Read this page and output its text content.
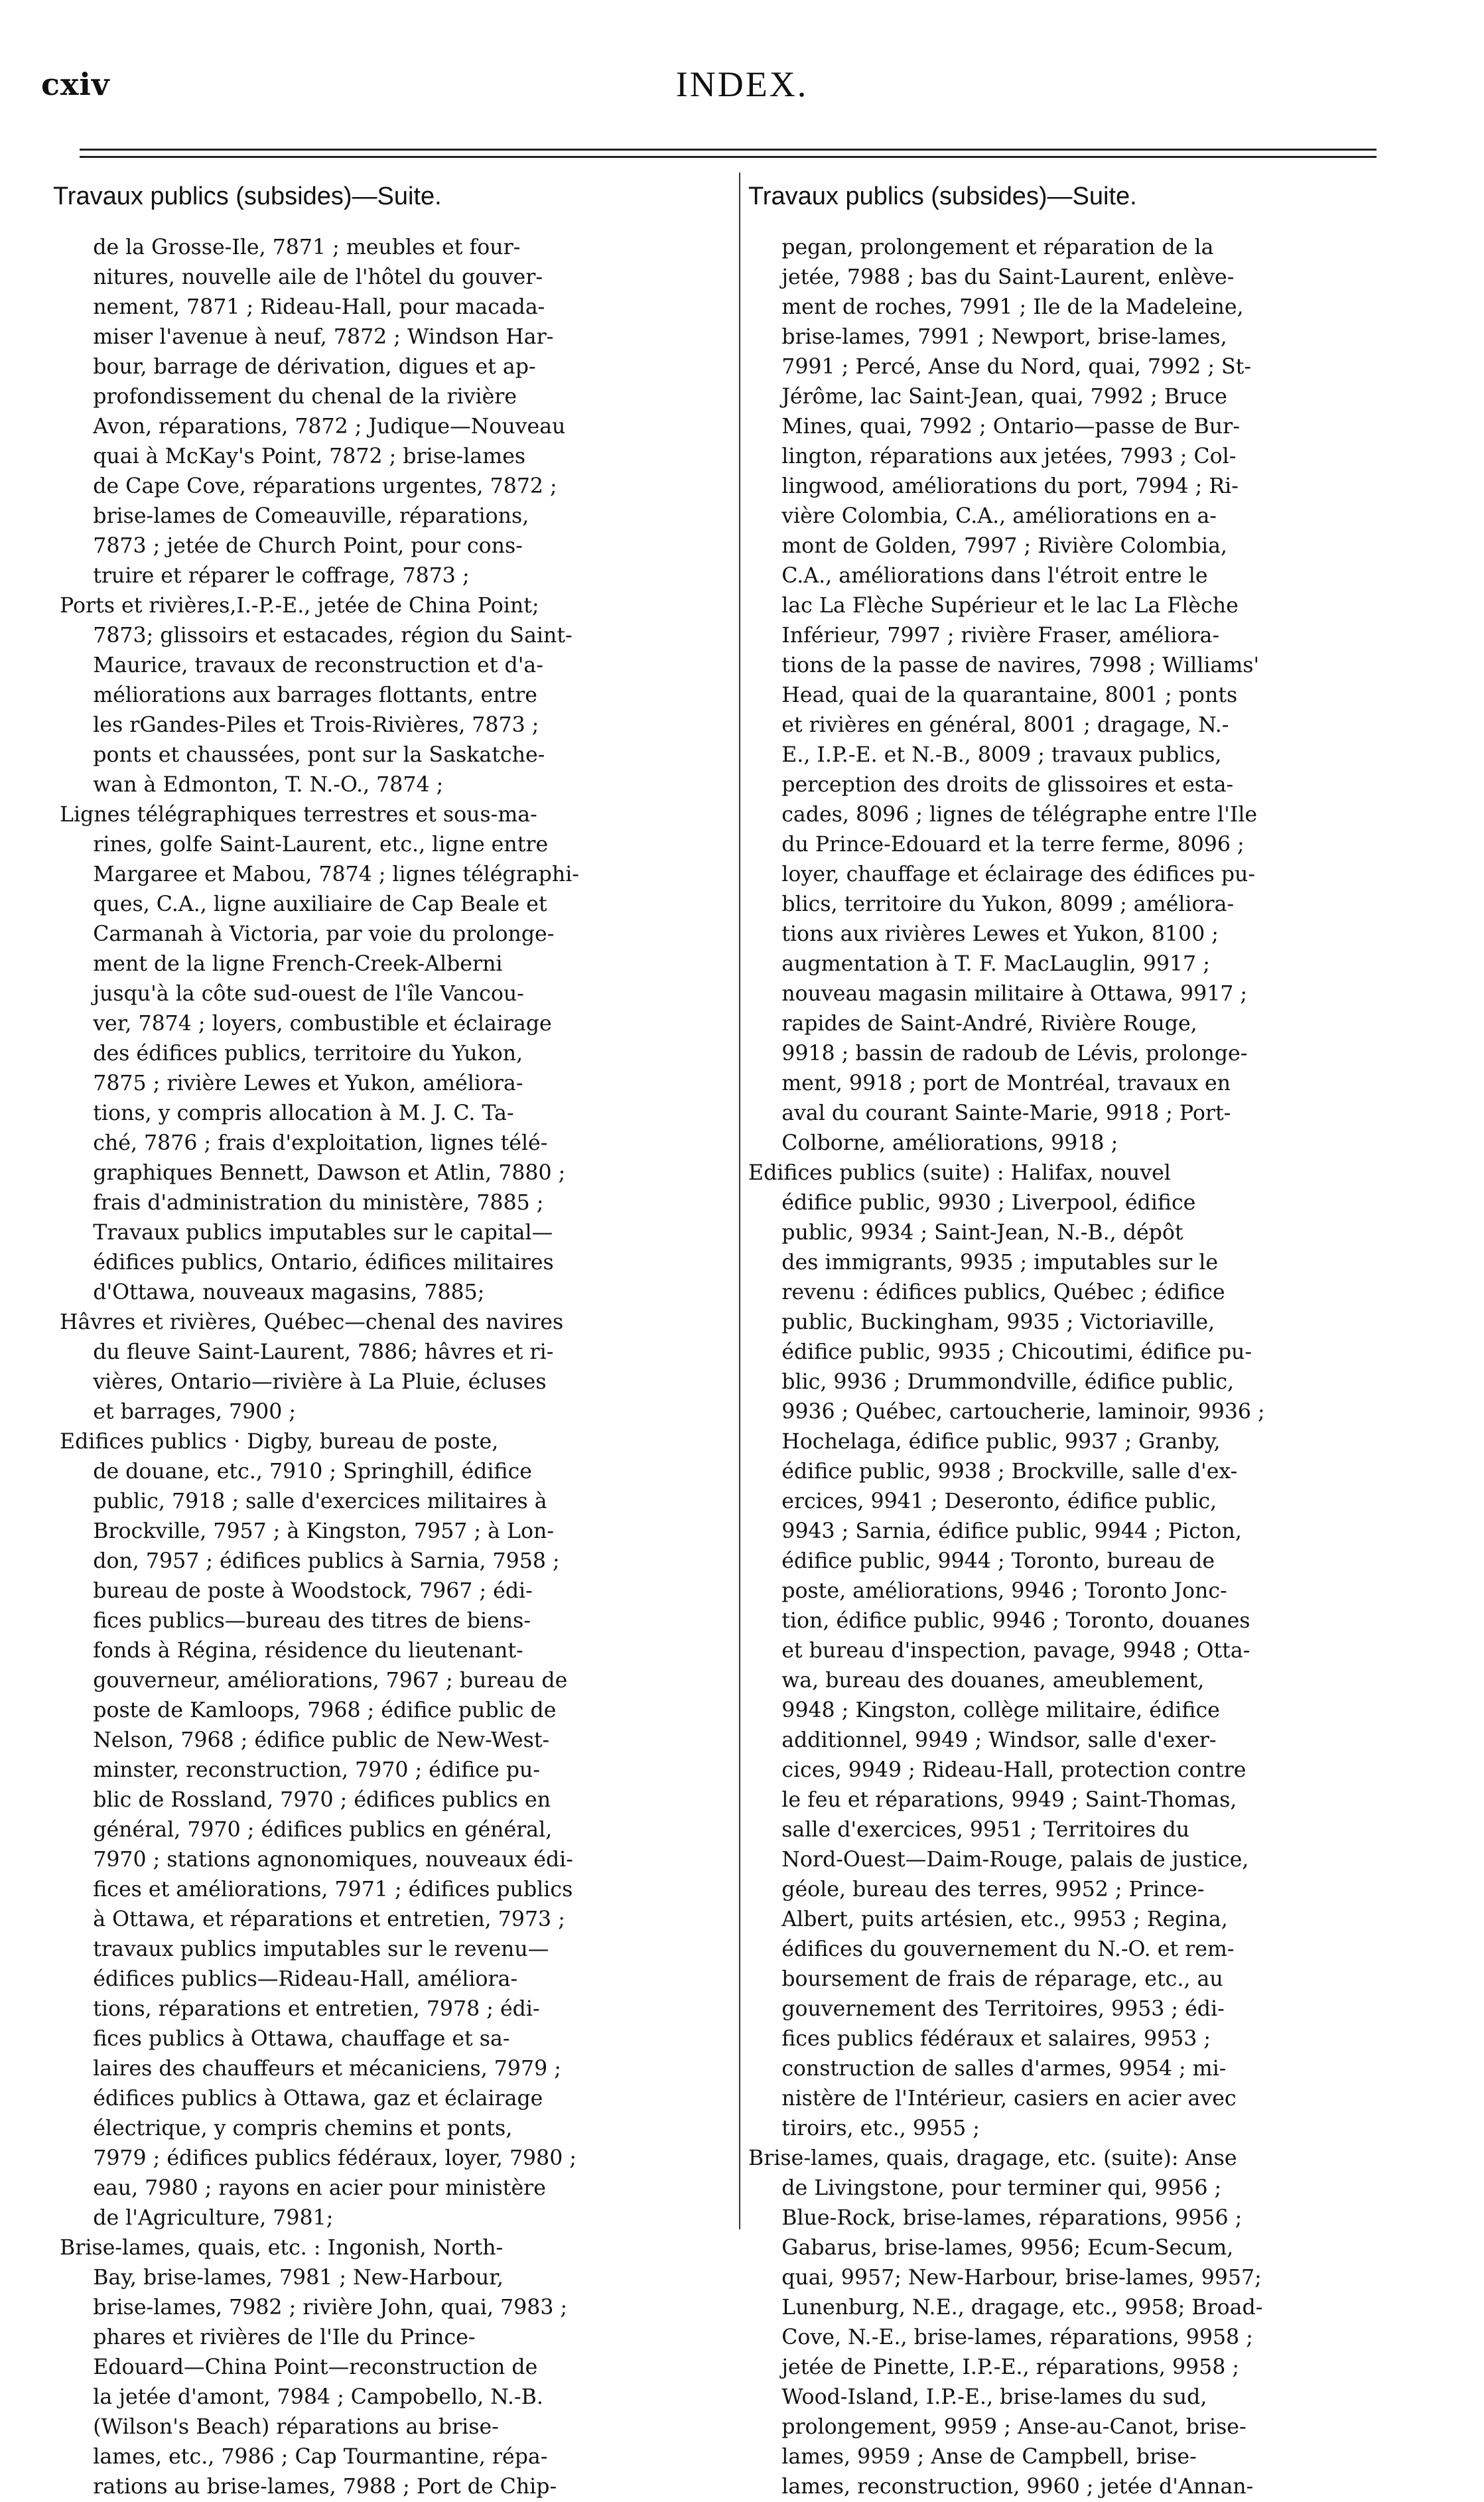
cxiv	INDEX.
Travaux publics (subsides)—Suite.
de la Grosse-Ile, 7871 ; meubles et four-
nitures, nouvelle aile de l'hôtel du gouver-
nement, 7871 ; Rideau-Hall, pour macada-
miser l'avenue à neuf, 7872 ; Windson Har-
bour, barrage de dérivation, digues et ap-
profondissement du chenal de la rivière
Avon, réparations, 7872 ; Judique—Nouveau
quai à McKay's Point, 7872 ; brise-lames
de Cape Cove, réparations urgentes, 7872 ;
brise-lames de Comeauville, réparations,
7873 ; jetée de Church Point, pour cons-
truire et réparer le coffrage, 7873 ;
Ports et rivières,I.-P.-E., jetée de China Point;
7873; glissoirs et estacades, région du Saint-
Maurice, travaux de reconstruction et d'a-
méliorations aux barrages flottants, entre
les rGandes-Piles et Trois-Rivières, 7873 ;
ponts et chaussées, pont sur la Saskatche-
wan à Edmonton, T. N.-O., 7874 ;
Lignes télégraphiques terrestres et sous-ma-
rines, golfe Saint-Laurent, etc., ligne entre
Margaree et Mabou, 7874 ; lignes télégraphi-
ques, C.A., ligne auxiliaire de Cap Beale et
Carmanah à Victoria, par voie du prolonge-
ment de la ligne French-Creek-Alberni
jusqu'à la côte sud-ouest de l'île Vancou-
ver, 7874 ; loyers, combustible et éclairage
des édifices publics, territoire du Yukon,
7875 ; rivière Lewes et Yukon, améliora-
tions, y compris allocation à M. J. C. Ta-
ché, 7876 ; frais d'exploitation, lignes télé-
graphiques Bennett, Dawson et Atlin, 7880 ;
frais d'administration du ministère, 7885 ;
Travaux publics imputables sur le capital—
édifices publics, Ontario, édifices militaires
d'Ottawa, nouveaux magasins, 7885;
Hâvres et rivières, Québec—chenal des navires
du fleuve Saint-Laurent, 7886; hâvres et ri-
vières, Ontario—rivière à La Pluie, écluses
et barrages, 7900 ;
Edifices publics · Digby, bureau de poste,
de douane, etc., 7910 ; Springhill, édifice
public, 7918 ; salle d'exercices militaires à
Brockville, 7957 ; à Kingston, 7957 ; à Lon-
don, 7957 ; édifices publics à Sarnia, 7958 ;
bureau de poste à Woodstock, 7967 ; édi-
fices publics—bureau des titres de biens-
fonds à Régina, résidence du lieutenant-
gouverneur, améliorations, 7967 ; bureau de
poste de Kamloops, 7968 ; édifice public de
Nelson, 7968 ; édifice public de New-West-
minster, reconstruction, 7970 ; édifice pu-
blic de Rossland, 7970 ; édifices publics en
général, 7970 ; édifices publics en général,
7970 ; stations agnonomiques, nouveaux édi-
fices et améliorations, 7971 ; édifices publics
à Ottawa, et réparations et entretien, 7973 ;
travaux publics imputables sur le revenu—
édifices publics—Rideau-Hall, améliora-
tions, réparations et entretien, 7978 ; édi-
fices publics à Ottawa, chauffage et sa-
laires des chauffeurs et mécaniciens, 7979 ;
édifices publics à Ottawa, gaz et éclairage
électrique, y compris chemins et ponts,
7979 ; édifices publics fédéraux, loyer, 7980 ;
eau, 7980 ; rayons en acier pour ministère
de l'Agriculture, 7981;
Brise-lames, quais, etc. : Ingonish, North-
Bay, brise-lames, 7981 ; New-Harbour,
brise-lames, 7982 ; rivière John, quai, 7983 ;
phares et rivières de l'Ile du Prince-
Edouard—China Point—reconstruction de
la jetée d'amont, 7984 ; Campobello, N.-B.
(Wilson's Beach) réparations au brise-
lames, etc., 7986 ; Cap Tourmantine, répa-
rations au brise-lames, 7988 ; Port de Chip-
Travaux publics (subsides)—Suite.
pegan, prolongement et réparation de la
jetée, 7988 ; bas du Saint-Laurent, enlève-
ment de roches, 7991 ; Ile de la Madeleine,
brise-lames, 7991 ; Newport, brise-lames,
7991 ; Percé, Anse du Nord, quai, 7992 ; St-
Jérôme, lac Saint-Jean, quai, 7992 ; Bruce
Mines, quai, 7992 ; Ontario—passe de Bur-
lington, réparations aux jetées, 7993 ; Col-
lingwood, améliorations du port, 7994 ; Ri-
vière Colombia, C.A., améliorations en a-
mont de Golden, 7997 ; Rivière Colombia,
C.A., améliorations dans l'étroit entre le
lac La Flèche Supérieur et le lac La Flèche
Inférieur, 7997 ; rivière Fraser, améliora-
tions de la passe de navires, 7998 ; Williams'
Head, quai de la quarantaine, 8001 ; ponts
et rivières en général, 8001 ; dragage, N.-
E., I.P.-E. et N.-B., 8009 ; travaux publics,
perception des droits de glissoires et esta-
cades, 8096 ; lignes de télégraphe entre l'Ile
du Prince-Edouard et la terre ferme, 8096 ;
loyer, chauffage et éclairage des édifices pu-
blics, territoire du Yukon, 8099 ; améliora-
tions aux rivières Lewes et Yukon, 8100 ;
augmentation à T. F. MacLauglin, 9917 ;
nouveau magasin militaire à Ottawa, 9917 ;
rapides de Saint-André, Rivière Rouge,
9918 ; bassin de radoub de Lévis, prolonge-
ment, 9918 ; port de Montréal, travaux en
aval du courant Sainte-Marie, 9918 ; Port-
Colborne, améliorations, 9918 ;
Edifices publics (suite) : Halifax, nouvel
édifice public, 9930 ; Liverpool, édifice
public, 9934 ; Saint-Jean, N.-B., dépôt
des immigrants, 9935 ; imputables sur le
revenu : édifices publics, Québec ; édifice
public, Buckingham, 9935 ; Victoriaville,
édifice public, 9935 ; Chicoutimi, édifice pu-
blic, 9936 ; Drummondville, édifice public,
9936 ; Québec, cartoucherie, laminoir, 9936 ;
Hochelaga, édifice public, 9937 ; Granby,
édifice public, 9938 ; Brockville, salle d'ex-
ercices, 9941 ; Deseronto, édifice public,
9943 ; Sarnia, édifice public, 9944 ; Picton,
édifice public, 9944 ; Toronto, bureau de
poste, améliorations, 9946 ; Toronto Jonc-
tion, édifice public, 9946 ; Toronto, douanes
et bureau d'inspection, pavage, 9948 ; Otta-
wa, bureau des douanes, ameublement,
9948 ; Kingston, collège militaire, édifice
additionnel, 9949 ; Windsor, salle d'exer-
cices, 9949 ; Rideau-Hall, protection contre
le feu et réparations, 9949 ; Saint-Thomas,
salle d'exercices, 9951 ; Territoires du
Nord-Ouest—Daim-Rouge, palais de justice,
géole, bureau des terres, 9952 ; Prince-
Albert, puits artésien, etc., 9953 ; Regina,
édifices du gouvernement du N.-O. et rem-
boursement de frais de réparage, etc., au
gouvernement des Territoires, 9953 ; édi-
fices publics fédéraux et salaires, 9953 ;
construction de salles d'armes, 9954 ; mi-
nistère de l'Intérieur, casiers en acier avec
tiroirs, etc., 9955 ;
Brise-lames, quais, dragage, etc. (suite): Anse
de Livingstone, pour terminer qui, 9956 ;
Blue-Rock, brise-lames, réparations, 9956 ;
Gabarus, brise-lames, 9956; Ecum-Secum,
quai, 9957; New-Harbour, brise-lames, 9957;
Lunenburg, N.E., dragage, etc., 9958; Broad-
Cove, N.-E., brise-lames, réparations, 9958 ;
jetée de Pinette, I.P.-E., réparations, 9958 ;
Wood-Island, I.P.-E., brise-lames du sud,
prolongement, 9959 ; Anse-au-Canot, brise-
lames, 9959 ; Anse de Campbell, brise-
lames, reconstruction, 9960 ; jetée d'Annan-
